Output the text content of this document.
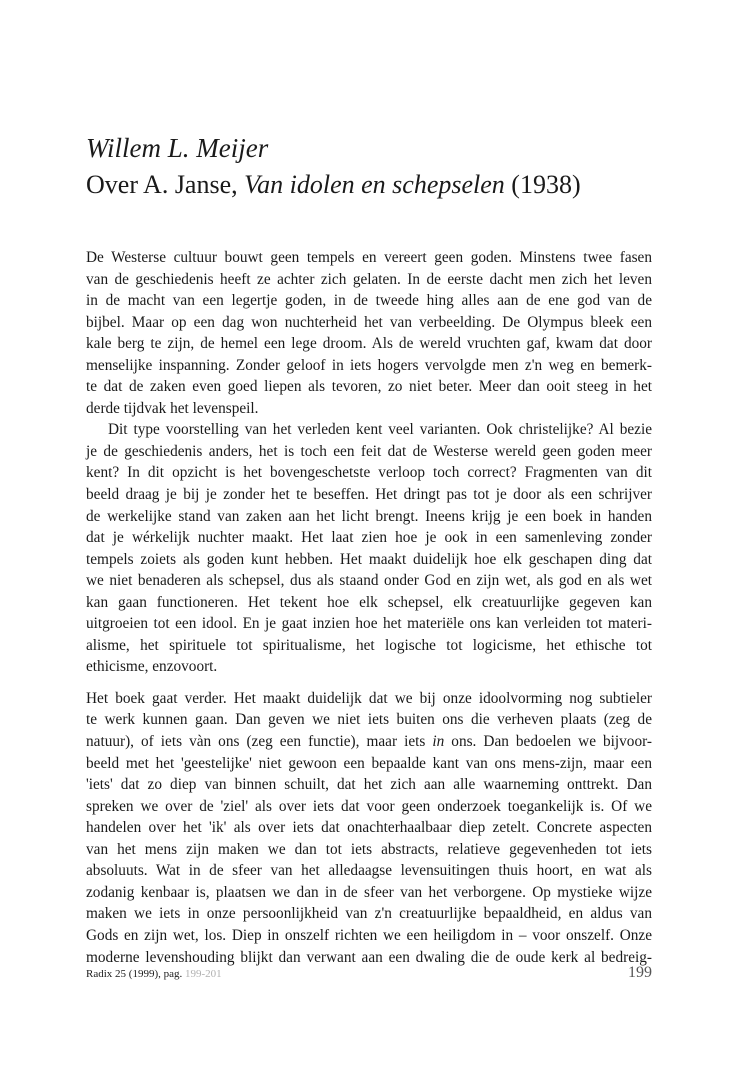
Willem L. Meijer
Over A. Janse, Van idolen en schepselen (1938)
De Westerse cultuur bouwt geen tempels en vereert geen goden. Minstens twee fasen
van de geschiedenis heeft ze achter zich gelaten. In de eerste dacht men zich het leven
in de macht van een legertje goden, in de tweede hing alles aan de ene god van de
bijbel. Maar op een dag won nuchterheid het van verbeelding. De Olympus bleek een
kale berg te zijn, de hemel een lege droom. Als de wereld vruchten gaf, kwam dat door
menselijke inspanning. Zonder geloof in iets hogers vervolgde men z'n weg en bemerk-
te dat de zaken even goed liepen als tevoren, zo niet beter. Meer dan ooit steeg in het
derde tijdvak het levenspeil.
Dit type voorstelling van het verleden kent veel varianten. Ook christelijke? Al bezie
je de geschiedenis anders, het is toch een feit dat de Westerse wereld geen goden meer
kent? In dit opzicht is het bovengeschetste verloop toch correct? Fragmenten van dit
beeld draag je bij je zonder het te beseffen. Het dringt pas tot je door als een schrijver
de werkelijke stand van zaken aan het licht brengt. Ineens krijg je een boek in handen
dat je wérkelijk nuchter maakt. Het laat zien hoe je ook in een samenleving zonder
tempels zoiets als goden kunt hebben. Het maakt duidelijk hoe elk geschapen ding dat
we niet benaderen als schepsel, dus als staand onder God en zijn wet, als god en als wet
kan gaan functioneren. Het tekent hoe elk schepsel, elk creatuurlijke gegeven kan
uitgroeien tot een idool. En je gaat inzien hoe het materiële ons kan verleiden tot materi-
alisme, het spirituele tot spiritualisme, het logische tot logicisme, het ethische tot
ethicisme, enzovoort.
Het boek gaat verder. Het maakt duidelijk dat we bij onze idoolvorming nog subtieler
te werk kunnen gaan. Dan geven we niet iets buiten ons die verheven plaats (zeg de
natuur), of iets vàn ons (zeg een functie), maar iets in ons. Dan bedoelen we bijvoor-
beeld met het 'geestelijke' niet gewoon een bepaalde kant van ons mens-zijn, maar een
'iets' dat zo diep van binnen schuilt, dat het zich aan alle waarneming onttrekt. Dan
spreken we over de 'ziel' als over iets dat voor geen onderzoek toegankelijk is. Of we
handelen over het 'ik' als over iets dat onachterhaalbaar diep zetelt. Concrete aspecten
van het mens zijn maken we dan tot iets abstracts, relatieve gegevenheden tot iets
absoluuts. Wat in de sfeer van het alledaagse levensuitingen thuis hoort, en wat als
zodanig kenbaar is, plaatsen we dan in de sfeer van het verborgene. Op mystieke wijze
maken we iets in onze persoonlijkheid van z'n creatuurlijke bepaaldheid, en aldus van
Gods en zijn wet, los. Diep in onszelf richten we een heiligdom in – voor onszelf. Onze
moderne levenshouding blijkt dan verwant aan een dwaling die de oude kerk al bedreig-
Radix 25 (1999), pag. 199-201	199
